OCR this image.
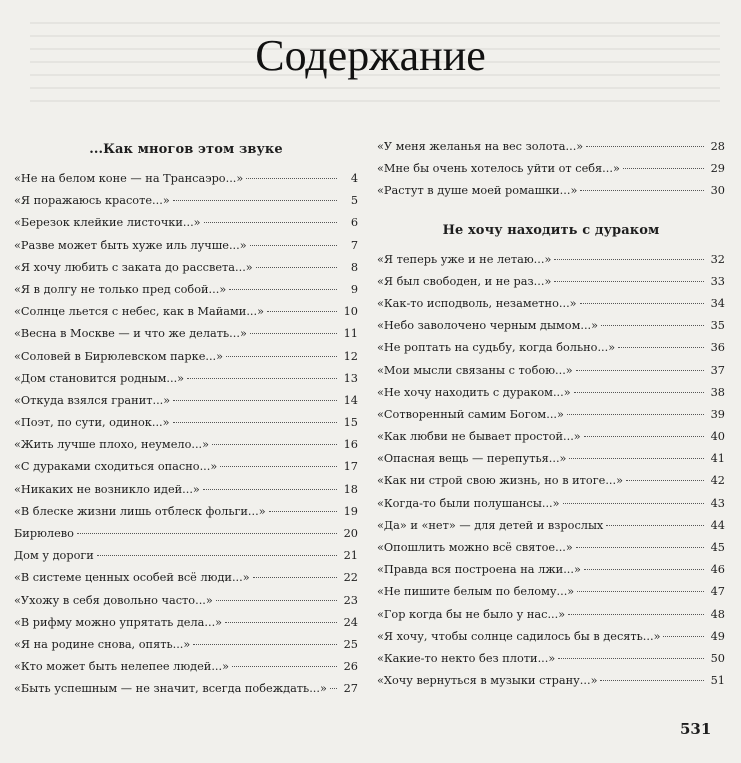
Содержание
...Как многов этом звуке
«Не на белом коне — на Трансаэро...»	4
«Я поражаюсь красоте...»	5
«Березок клейкие листочки...»	6
«Разве может быть хуже иль лучше...»	7
«Я хочу любить с заката до рассвета...»	8
«Я в долгу не только пред собой...»	9
«Солнце льется с небес, как в Майами...»	10
«Весна в Москве — и что же делать...»	11
«Соловей в Бирюлевском парке...»	12
«Дом становится родным...»	13
«Откуда взялся гранит...»	14
«Поэт, по сути, одинок...»	15
«Жить лучше плохо, неумело...»	16
«С дураками сходиться опасно...»	17
«Никаких не возникло идей...»	18
«В блеске жизни лишь отблеск фольги...»	19
Бирюлево	20
Дом у дороги	21
«В системе ценных особей всё люди...»	22
«Ухожу в себя довольно часто...»	23
«В рифму можно упрятать дела...»	24
«Я на родине снова, опять...»	25
«Кто может быть нелепее людей...»	26
«Быть успешным — не значит, всегда побеждать...»	27
«У меня желанья на вес золота...»	28
«Мне бы очень хотелось уйти от себя...»	29
«Растут в душе моей ромашки...»	30
Не хочу находить с дураком
«Я теперь уже и не летаю...»	32
«Я был свободен, и не раз...»	33
«Как-то исподволь, незаметно...»	34
«Небо заволочено черным дымом...»	35
«Не роптать на судьбу, когда больно...»	36
«Мои мысли связаны с тобою...»	37
«Не хочу находить с дураком...»	38
«Сотворенный самим Богом...»	39
«Как любви не бывает простой...»	40
«Опасная вещь — перепутья...»	41
«Как ни строй свою жизнь, но в итоге...»	42
«Когда-то были полушансы...»	43
«Да» и «нет» — для детей и взрослых	44
«Опошлить можно всё святое...»	45
«Правда вся построена на лжи...»	46
«Не пишите белым по белому...»	47
«Гор когда бы не было у нас...»	48
«Я хочу, чтобы солнце садилось бы в десять...»	49
«Какие-то некто без плоти...»	50
«Хочу вернуться в музыки страну...»	51
531
